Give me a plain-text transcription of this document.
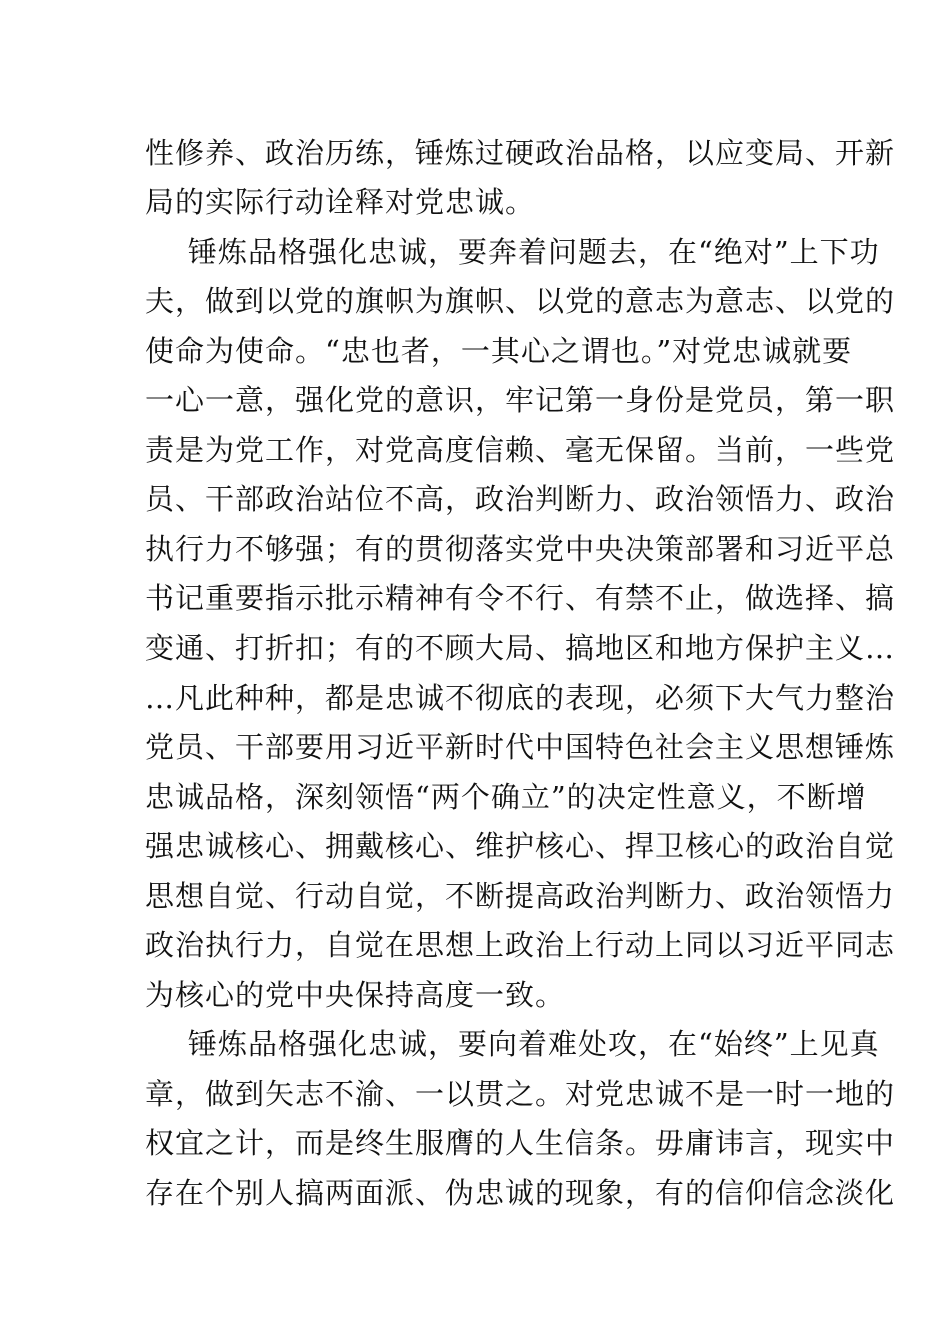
性修养、政治历练，锤炼过硬政治品格，以应变局、开新
局的实际行动诠释对党忠诚。
锤炼品格强化忠诚，要奔着问题去，在“绝对”上下功
夫，做到以党的旗帜为旗帜、以党的意志为意志、以党的
使命为使命。“忠也者，一其心之谓也。”对党忠诚就要
一心一意，强化党的意识，牢记第一身份是党员，第一职
责是为党工作，对党高度信赖、毫无保留。当前，一些党
员、干部政治站位不高，政治判断力、政治领悟力、政治
执行力不够强；有的贯彻落实党中央决策部署和习近平总
书记重要指示批示精神有令不行、有禁不止，做选择、搞
变通、打折扣；有的不顾大局、搞地区和地方保护主义…
…凡此种种，都是忠诚不彻底的表现，必须下大气力整治
党员、干部要用习近平新时代中国特色社会主义思想锤炼
忠诚品格，深刻领悟“两个确立”的决定性意义，不断增
强忠诚核心、拥戴核心、维护核心、捍卫核心的政治自觉
思想自觉、行动自觉，不断提高政治判断力、政治领悟力
政治执行力，自觉在思想上政治上行动上同以习近平同志
为核心的党中央保持高度一致。
锤炼品格强化忠诚，要向着难处攻，在“始终”上见真
章，做到矢志不渝、一以贯之。对党忠诚不是一时一地的
权宜之计，而是终生服膺的人生信条。毋庸讳言，现实中
存在个别人搞两面派、伪忠诚的现象，有的信仰信念淡化
